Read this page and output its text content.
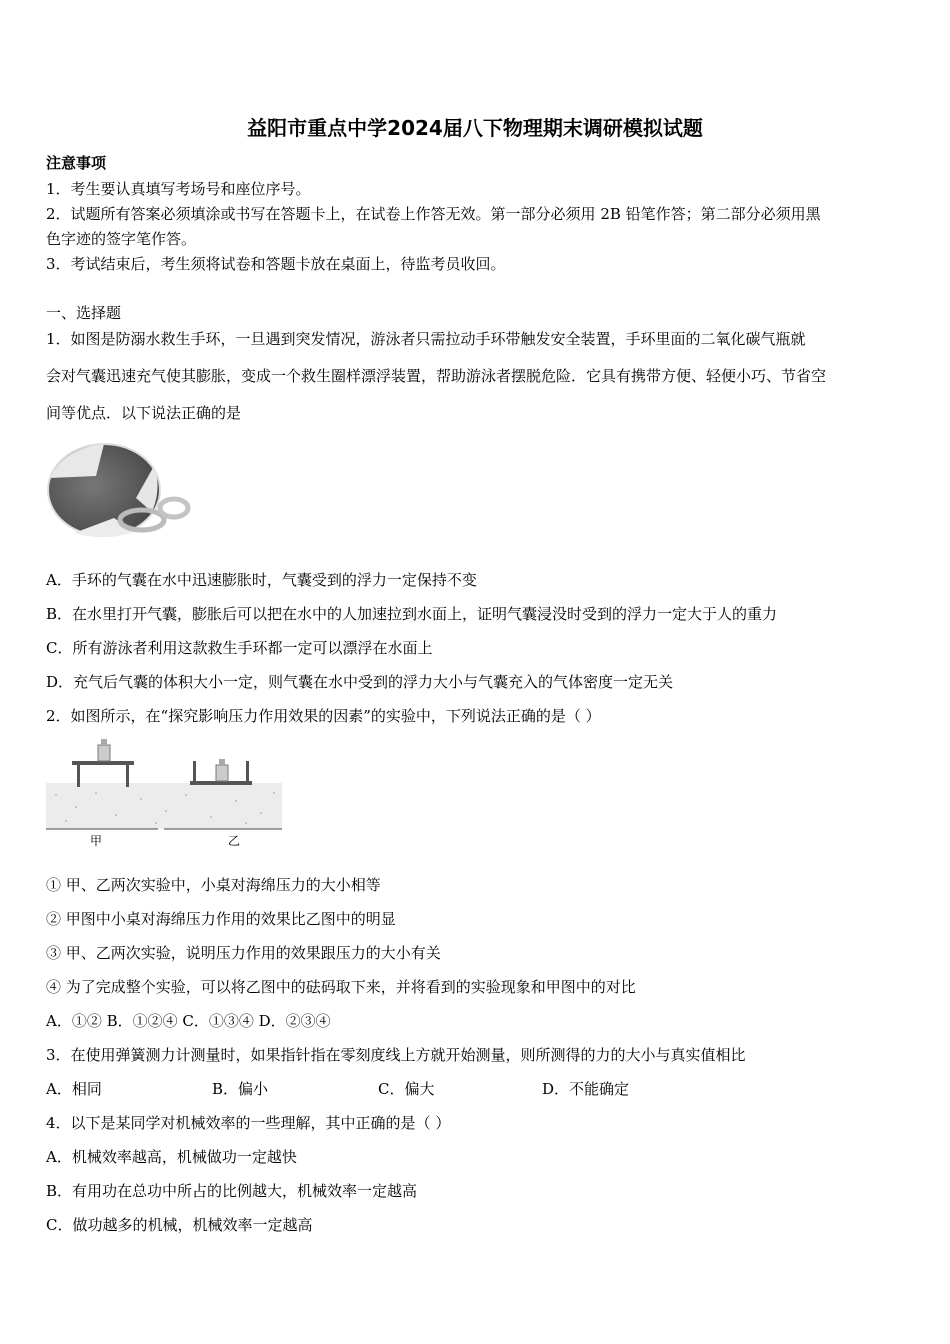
益阳市重点中学2024届八下物理期末调研模拟试题
注意事项
1．考生要认真填写考场号和座位序号。
2．试题所有答案必须填涂或书写在答题卡上，在试卷上作答无效。第一部分必须用 2B 铅笔作答；第二部分必须用黑
色字迹的签字笔作答。
3．考试结束后，考生须将试卷和答题卡放在桌面上，待监考员收回。
一、选择题
1．如图是防溺水救生手环，一旦遇到突发情况，游泳者只需拉动手环带触发安全装置，手环里面的二氧化碳气瓶就
会对气囊迅速充气使其膨胀，变成一个救生圈样漂浮装置，帮助游泳者摆脱危险．它具有携带方便、轻便小巧、节省空
间等优点．以下说法正确的是
A．手环的气囊在水中迅速膨胀时，气囊受到的浮力一定保持不变
B．在水里打开气囊，膨胀后可以把在水中的人加速拉到水面上，证明气囊浸没时受到的浮力一定大于人的重力
C．所有游泳者利用这款救生手环都一定可以漂浮在水面上
D．充气后气囊的体积大小一定，则气囊在水中受到的浮力大小与气囊充入的气体密度一定无关
2．如图所示，在“探究影响压力作用效果的因素”的实验中，下列说法正确的是（ ）
甲	乙
① 甲、乙两次实验中，小桌对海绵压力的大小相等
② 甲图中小桌对海绵压力作用的效果比乙图中的明显
③ 甲、乙两次实验，说明压力作用的效果跟压力的大小有关
④ 为了完成整个实验，可以将乙图中的砝码取下来，并将看到的实验现象和甲图中的对比
A．①② B．①②④ C．①③④ D．②③④
3．在使用弹簧测力计测量时，如果指针指在零刻度线上方就开始测量，则所测得的力的大小与真实值相比
A．相同	B．偏小	C．偏大	D．不能确定
4．以下是某同学对机械效率的一些理解，其中正确的是（ ）
A．机械效率越高，机械做功一定越快
B．有用功在总功中所占的比例越大，机械效率一定越高
C．做功越多的机械，机械效率一定越高
